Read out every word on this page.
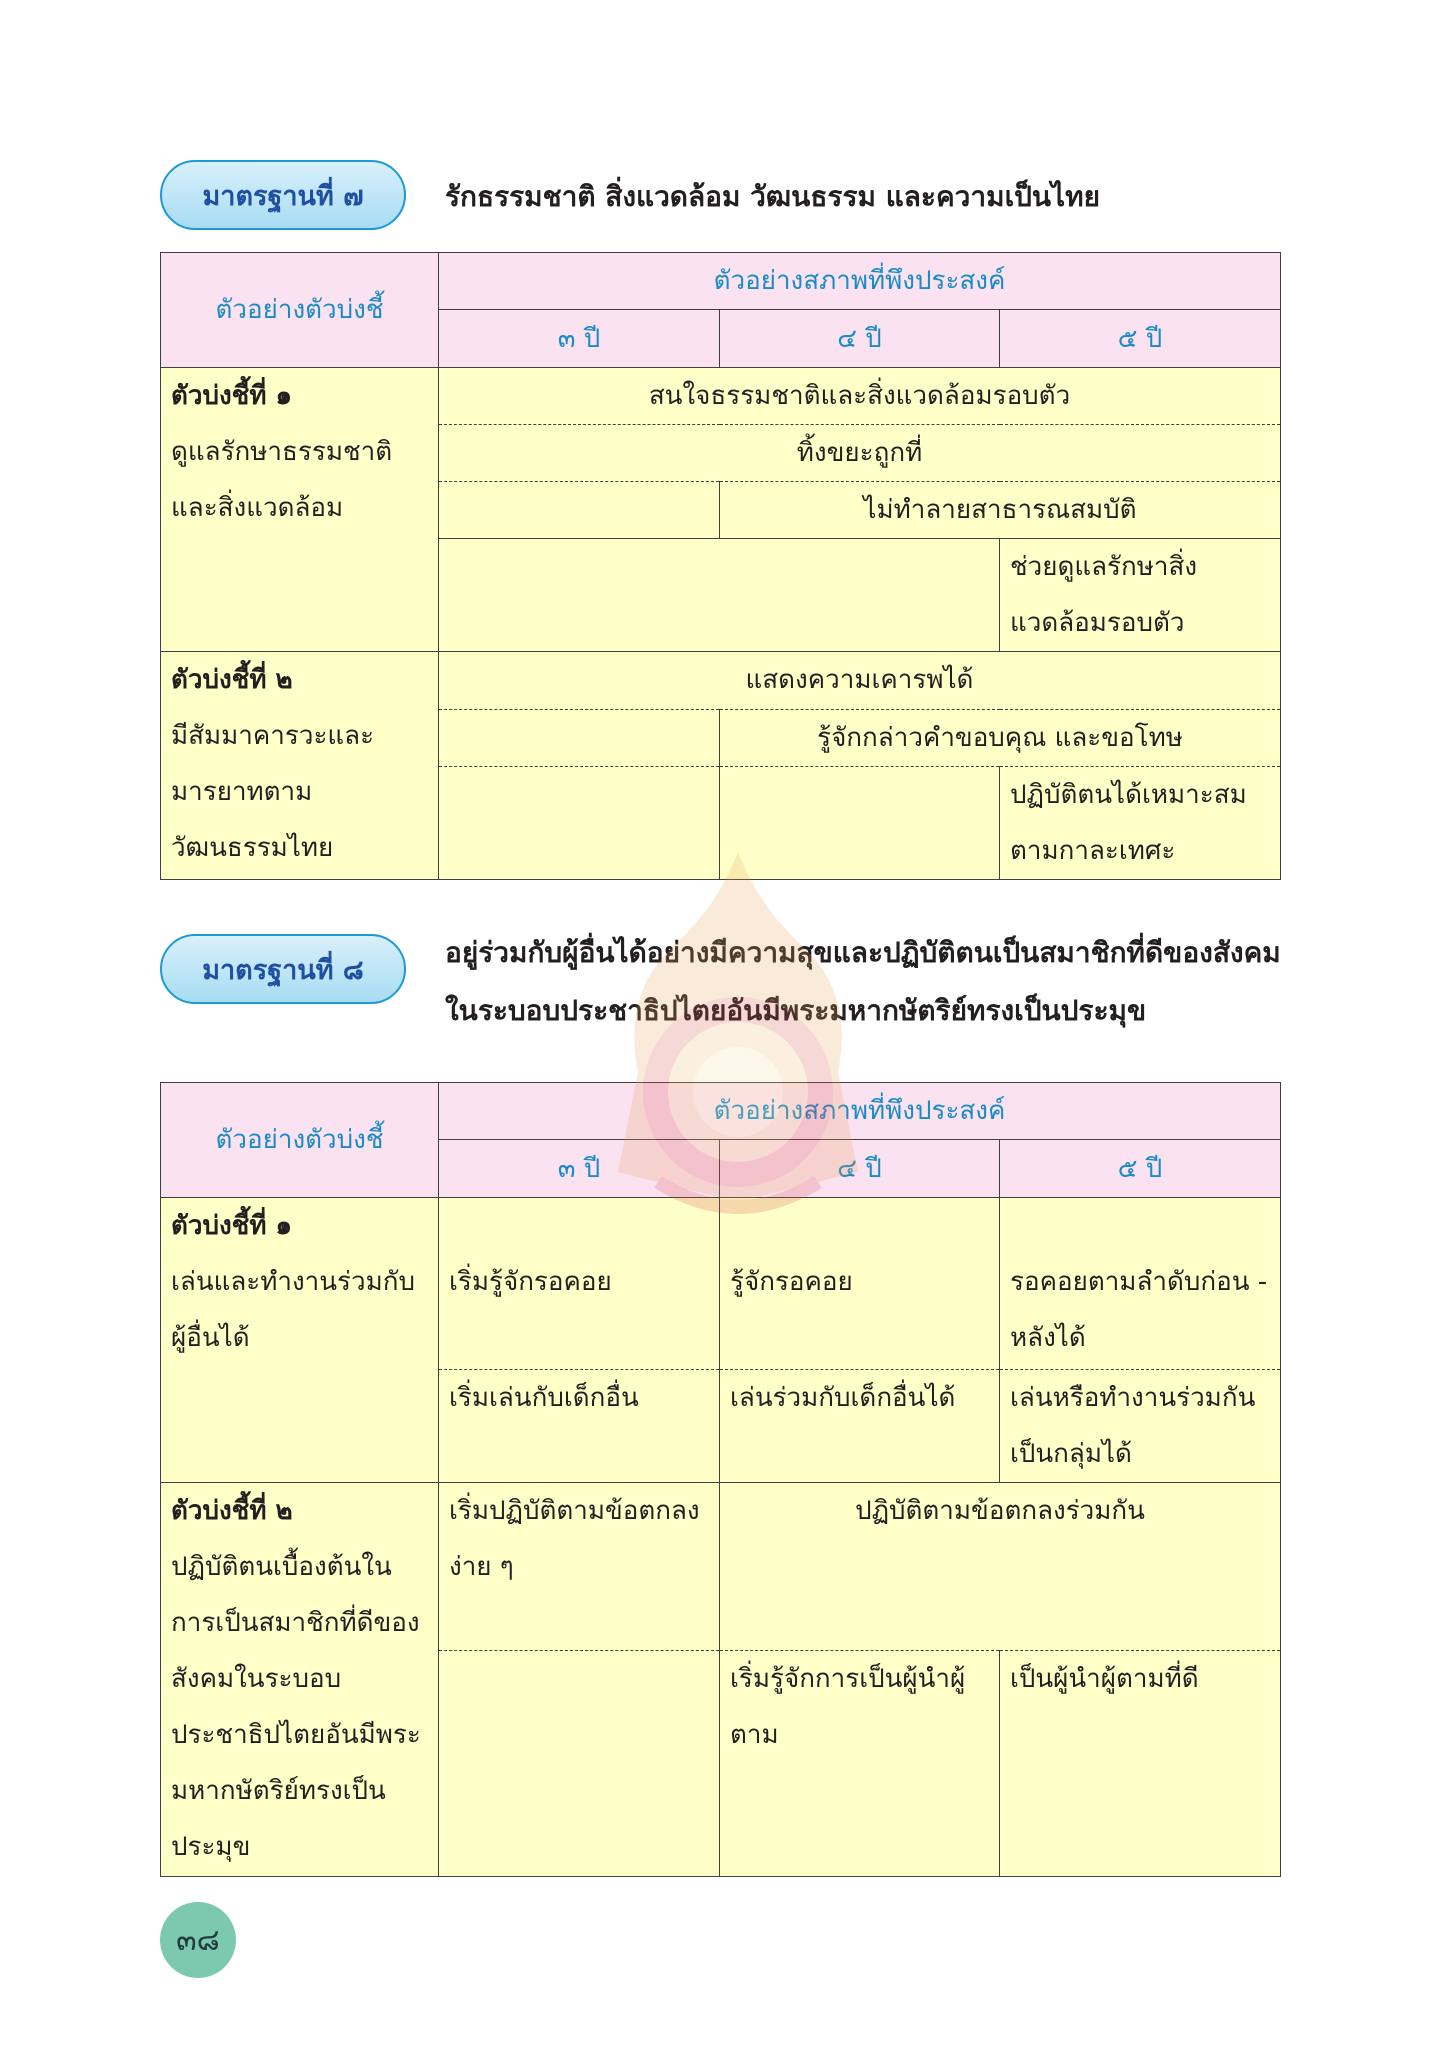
มาตรฐานที่ ๗	รักธรรมชาติ สิ่งแวดล้อม วัฒนธรรม และความเป็นไทย
ตัวอย่างตัวบ่งชี้	ตัวอย่างสภาพที่พึงประสงค์		
	๓ ปี	๔ ปี	๕ ปี

ตัวบ่งชี้ที่ ๑
ดูแลรักษาธรรมชาติและสิ่งแวดล้อม	สนใจธรรมชาติและสิ่งแวดล้อมรอบตัว		
	ทิ้งขยะถูกที่		
		ไม่ทำลายสาธารณสมบัติ	
			ช่วยดูแลรักษาสิ่งแวดล้อมรอบตัว

ตัวบ่งชี้ที่ ๒
มีสัมมาคารวะและมารยาทตามวัฒนธรรมไทย	แสดงความเคารพได้		
		รู้จักกล่าวคำขอบคุณ และขอโทษ	
			ปฏิบัติตนได้เหมาะสมตามกาละเทศะ
มาตรฐานที่ ๘
อยู่ร่วมกับผู้อื่นได้อย่างมีความสุขและปฏิบัติตนเป็นสมาชิกที่ดีของสังคมในระบอบประชาธิปไตยอันมีพระมหากษัตริย์ทรงเป็นประมุข
ตัวอย่างตัวบ่งชี้	ตัวอย่างสภาพที่พึงประสงค์		
	๓ ปี	๔ ปี	๕ ปี

ตัวบ่งชี้ที่ ๑
เล่นและทำงานร่วมกับผู้อื่นได้	เริ่มรู้จักรอคอย	รู้จักรอคอย	รอคอยตามลำดับก่อน - หลังได้
	เริ่มเล่นกับเด็กอื่น	เล่นร่วมกับเด็กอื่นได้	เล่นหรือทำงานร่วมกันเป็นกลุ่มได้

ตัวบ่งชี้ที่ ๒
ปฏิบัติตนเบื้องต้นในการเป็นสมาชิกที่ดีของสังคมในระบอบประชาธิปไตยอันมีพระมหากษัตริย์ทรงเป็นประมุข	เริ่มปฏิบัติตามข้อตกลงง่าย ๆ	ปฏิบัติตามข้อตกลงร่วมกัน	
		เริ่มรู้จักการเป็นผู้นำผู้ตาม	เป็นผู้นำผู้ตามที่ดี
๓๘
